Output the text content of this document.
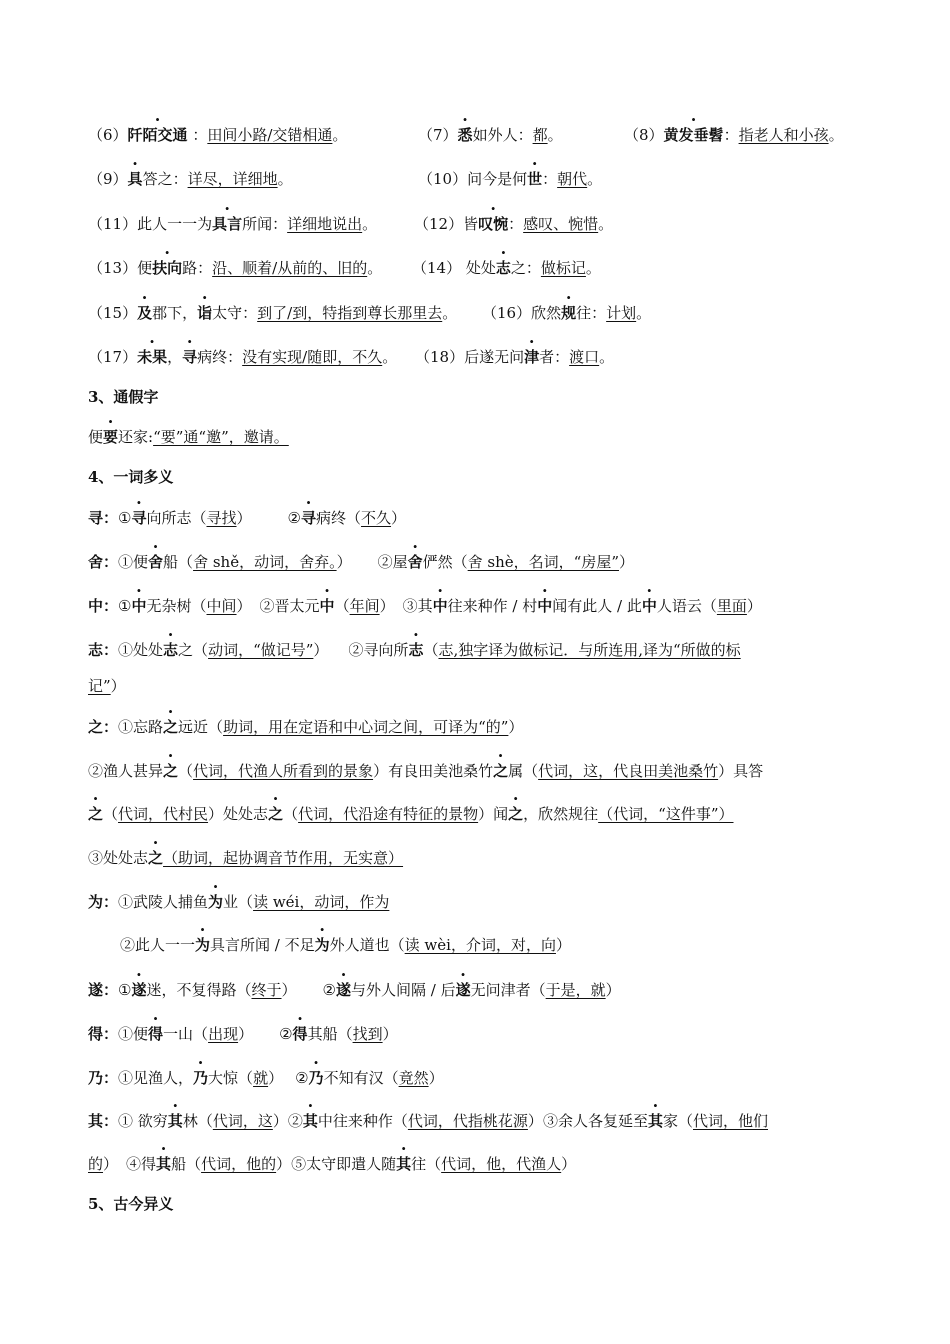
（6）阡陌交通 ：田间小路/交错相通。	（7）悉如外人：都。	（8）黄发垂髫：指老人和小孩。
（9）具答之：详尽，详细地。	（10）问今是何世：朝代。
（11）此人一一为具言所闻：详细地说出。 （12）皆叹惋：感叹、惋惜。
（13）便扶向路：沿、顺着/从前的、旧的。 （14） 处处志之：做标记。
（15）及郡下，诣太守：到了/到，特指到尊长那里去。 （16）欣然规往：计划。
（17）未果，寻病终：没有实现/随即，不久。 （18）后遂无问津者：渡口。
3、通假字
便要还家:“要”通“邀”，邀请。
4、一词多义
寻：①寻向所志（寻找） ②寻病终（不久）
舍：①便舍船（舍 shě，动词，舍弃。） ②屋舍俨然（舍 shè，名词，“房屋”）
中：①中无杂树（中间） ②晋太元中（年间） ③其中往来种作 / 村中闻有此人 / 此中人语云（里面）
志：①处处志之（动词，“做记号”） ②寻向所志（志,独字译为做标记．与所连用,译为“所做的标
记”）
之：①忘路之远近（助词，用在定语和中心词之间，可译为“的”）
②渔人甚异之（代词，代渔人所看到的景象）有良田美池桑竹之属（代词，这，代良田美池桑竹）具答
之（代词，代村民）处处志之（代词，代沿途有特征的景物）闻之，欣然规往（代词，“这件事”）
③处处志之（助词，起协调音节作用，无实意）
为：①武陵人捕鱼为业（读 wéi，动词，作为
②此人一一为具言所闻 / 不足为外人道也（读 wèi，介词，对，向）
遂：①遂迷，不复得路（终于） ②遂与外人间隔 / 后遂无问津者（于是，就）
得：①便得一山（出现） ②得其船（找到）
乃：①见渔人，乃大惊（就） ②乃不知有汉（竟然）
其：① 欲穷其林（代词，这）②其中往来种作（代词，代指桃花源）③余人各复延至其家（代词，他们
的） ④得其船（代词，他的）⑤太守即遣人随其往（代词，他，代渔人）
5、古今异义
